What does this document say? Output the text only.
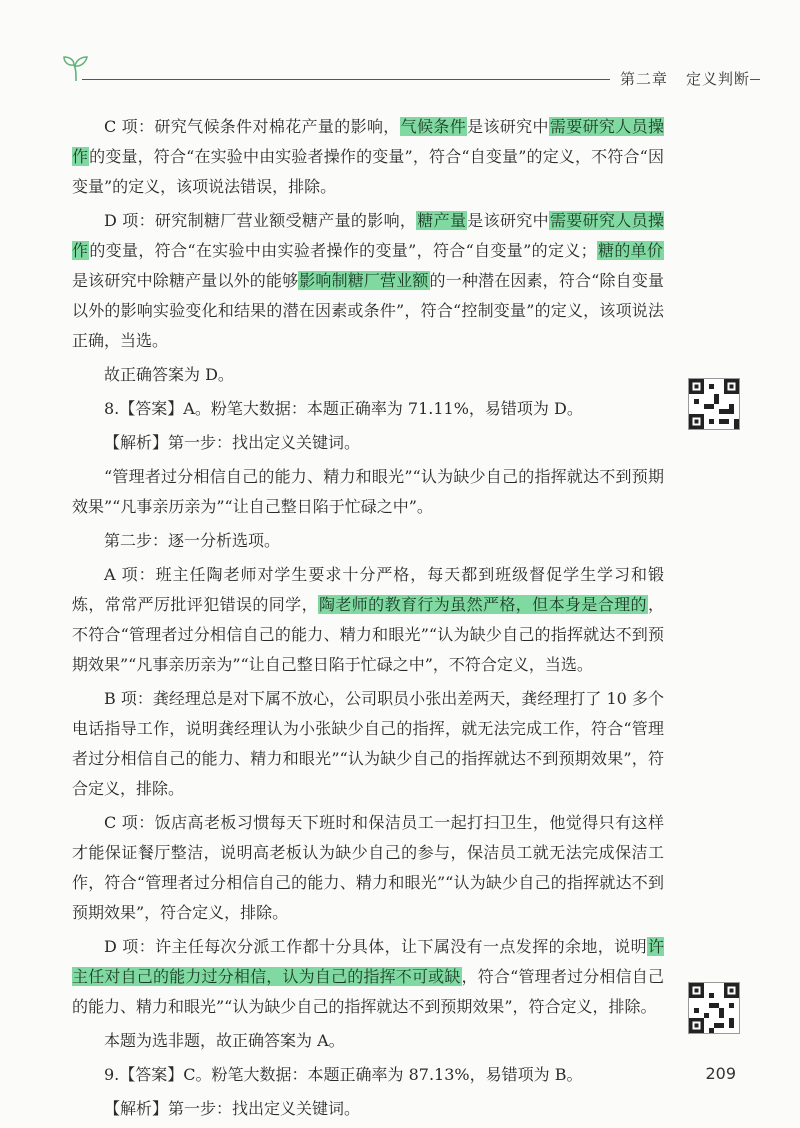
第二章 定义判断

C 项：研究气候条件对棉花产量的影响，气候条件是该研究中需要研究人员操作的变量，符合“在实验中由实验者操作的变量”，符合“自变量”的定义，不符合“因变量”的定义，该项说法错误，排除。

D 项：研究制糖厂营业额受糖产量的影响，糖产量是该研究中需要研究人员操作的变量，符合“在实验中由实验者操作的变量”，符合“自变量”的定义；糖的单价是该研究中除糖产量以外的能够影响制糖厂营业额的一种潜在因素，符合“除自变量以外的影响实验变化和结果的潜在因素或条件”，符合“控制变量”的定义，该项说法正确，当选。

故正确答案为 D。

8.【答案】A。粉笔大数据：本题正确率为 71.11%，易错项为 D。

【解析】第一步：找出定义关键词。

“管理者过分相信自己的能力、精力和眼光”“认为缺少自己的指挥就达不到预期效果”“凡事亲历亲为”“让自己整日陷于忙碌之中”。

第二步：逐一分析选项。

A 项：班主任陶老师对学生要求十分严格，每天都到班级督促学生学习和锻炼，常常严厉批评犯错误的同学，陶老师的教育行为虽然严格，但本身是合理的，不符合“管理者过分相信自己的能力、精力和眼光”“认为缺少自己的指挥就达不到预期效果”“凡事亲历亲为”“让自己整日陷于忙碌之中”，不符合定义，当选。

B 项：龚经理总是对下属不放心，公司职员小张出差两天，龚经理打了 10 多个电话指导工作，说明龚经理认为小张缺少自己的指挥，就无法完成工作，符合“管理者过分相信自己的能力、精力和眼光”“认为缺少自己的指挥就达不到预期效果”，符合定义，排除。

C 项：饭店高老板习惯每天下班时和保洁员工一起打扫卫生，他觉得只有这样才能保证餐厅整洁，说明高老板认为缺少自己的参与，保洁员工就无法完成保洁工作，符合“管理者过分相信自己的能力、精力和眼光”“认为缺少自己的指挥就达不到预期效果”，符合定义，排除。

D 项：许主任每次分派工作都十分具体，让下属没有一点发挥的余地，说明许主任对自己的能力过分相信，认为自己的指挥不可或缺，符合“管理者过分相信自己的能力、精力和眼光”“认为缺少自己的指挥就达不到预期效果”，符合定义，排除。

本题为选非题，故正确答案为 A。

9.【答案】C。粉笔大数据：本题正确率为 87.13%，易错项为 B。

【解析】第一步：找出定义关键词。

209
